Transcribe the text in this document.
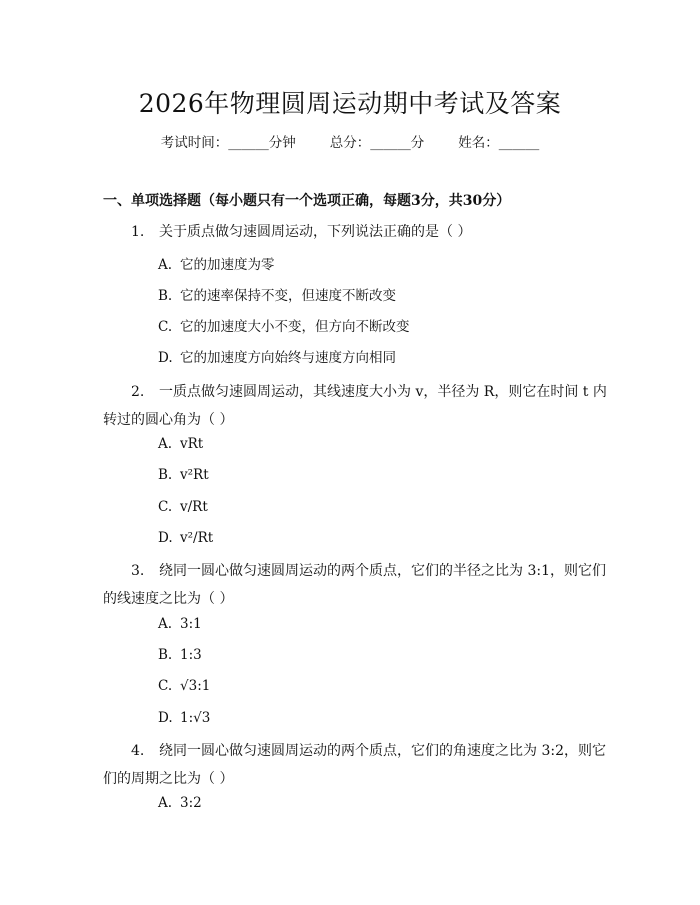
2026年物理圆周运动期中考试及答案
考试时间：______分钟	总分：______分	姓名：______
一、单项选择题（每小题只有一个选项正确，每题3分，共30分）
1. 关于质点做匀速圆周运动，下列说法正确的是（ ）
A. 它的加速度为零
B. 它的速率保持不变，但速度不断改变
C. 它的加速度大小不变，但方向不断改变
D. 它的加速度方向始终与速度方向相同
2. 一质点做匀速圆周运动，其线速度大小为 v，半径为 R，则它在时间 t 内
转过的圆心角为（ ）
A. vRt
B. v²Rt
C. v/Rt
D. v²/Rt
3. 绕同一圆心做匀速圆周运动的两个质点，它们的半径之比为 3:1，则它们
的线速度之比为（ ）
A. 3:1
B. 1:3
C. √3:1
D. 1:√3
4. 绕同一圆心做匀速圆周运动的两个质点，它们的角速度之比为 3:2，则它
们的周期之比为（ ）
A. 3:2
